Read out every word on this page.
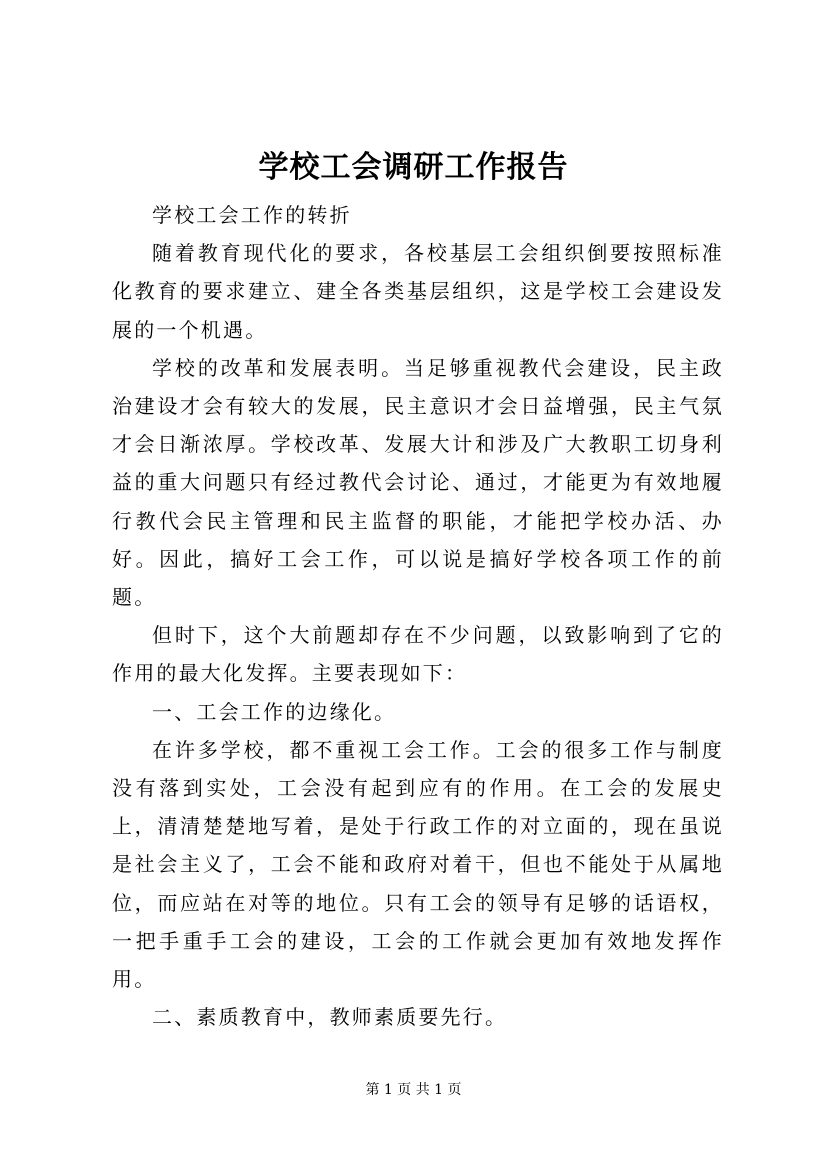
学校工会调研工作报告

学校工会工作的转折

随着教育现代化的要求，各校基层工会组织倒要按照标准化教育的要求建立、建全各类基层组织，这是学校工会建设发展的一个机遇。

学校的改革和发展表明。当足够重视教代会建设，民主政治建设才会有较大的发展，民主意识才会日益增强，民主气氛才会日渐浓厚。学校改革、发展大计和涉及广大教职工切身利益的重大问题只有经过教代会讨论、通过，才能更为有效地履行教代会民主管理和民主监督的职能，才能把学校办活、办好。因此，搞好工会工作，可以说是搞好学校各项工作的前题。

但时下，这个大前题却存在不少问题，以致影响到了它的作用的最大化发挥。主要表现如下：

一、工会工作的边缘化。

在许多学校，都不重视工会工作。工会的很多工作与制度没有落到实处，工会没有起到应有的作用。在工会的发展史上，清清楚楚地写着，是处于行政工作的对立面的，现在虽说是社会主义了，工会不能和政府对着干，但也不能处于从属地位，而应站在对等的地位。只有工会的领导有足够的话语权，一把手重手工会的建设，工会的工作就会更加有效地发挥作用。

二、素质教育中，教师素质要先行。

第 1 页 共 1 页
